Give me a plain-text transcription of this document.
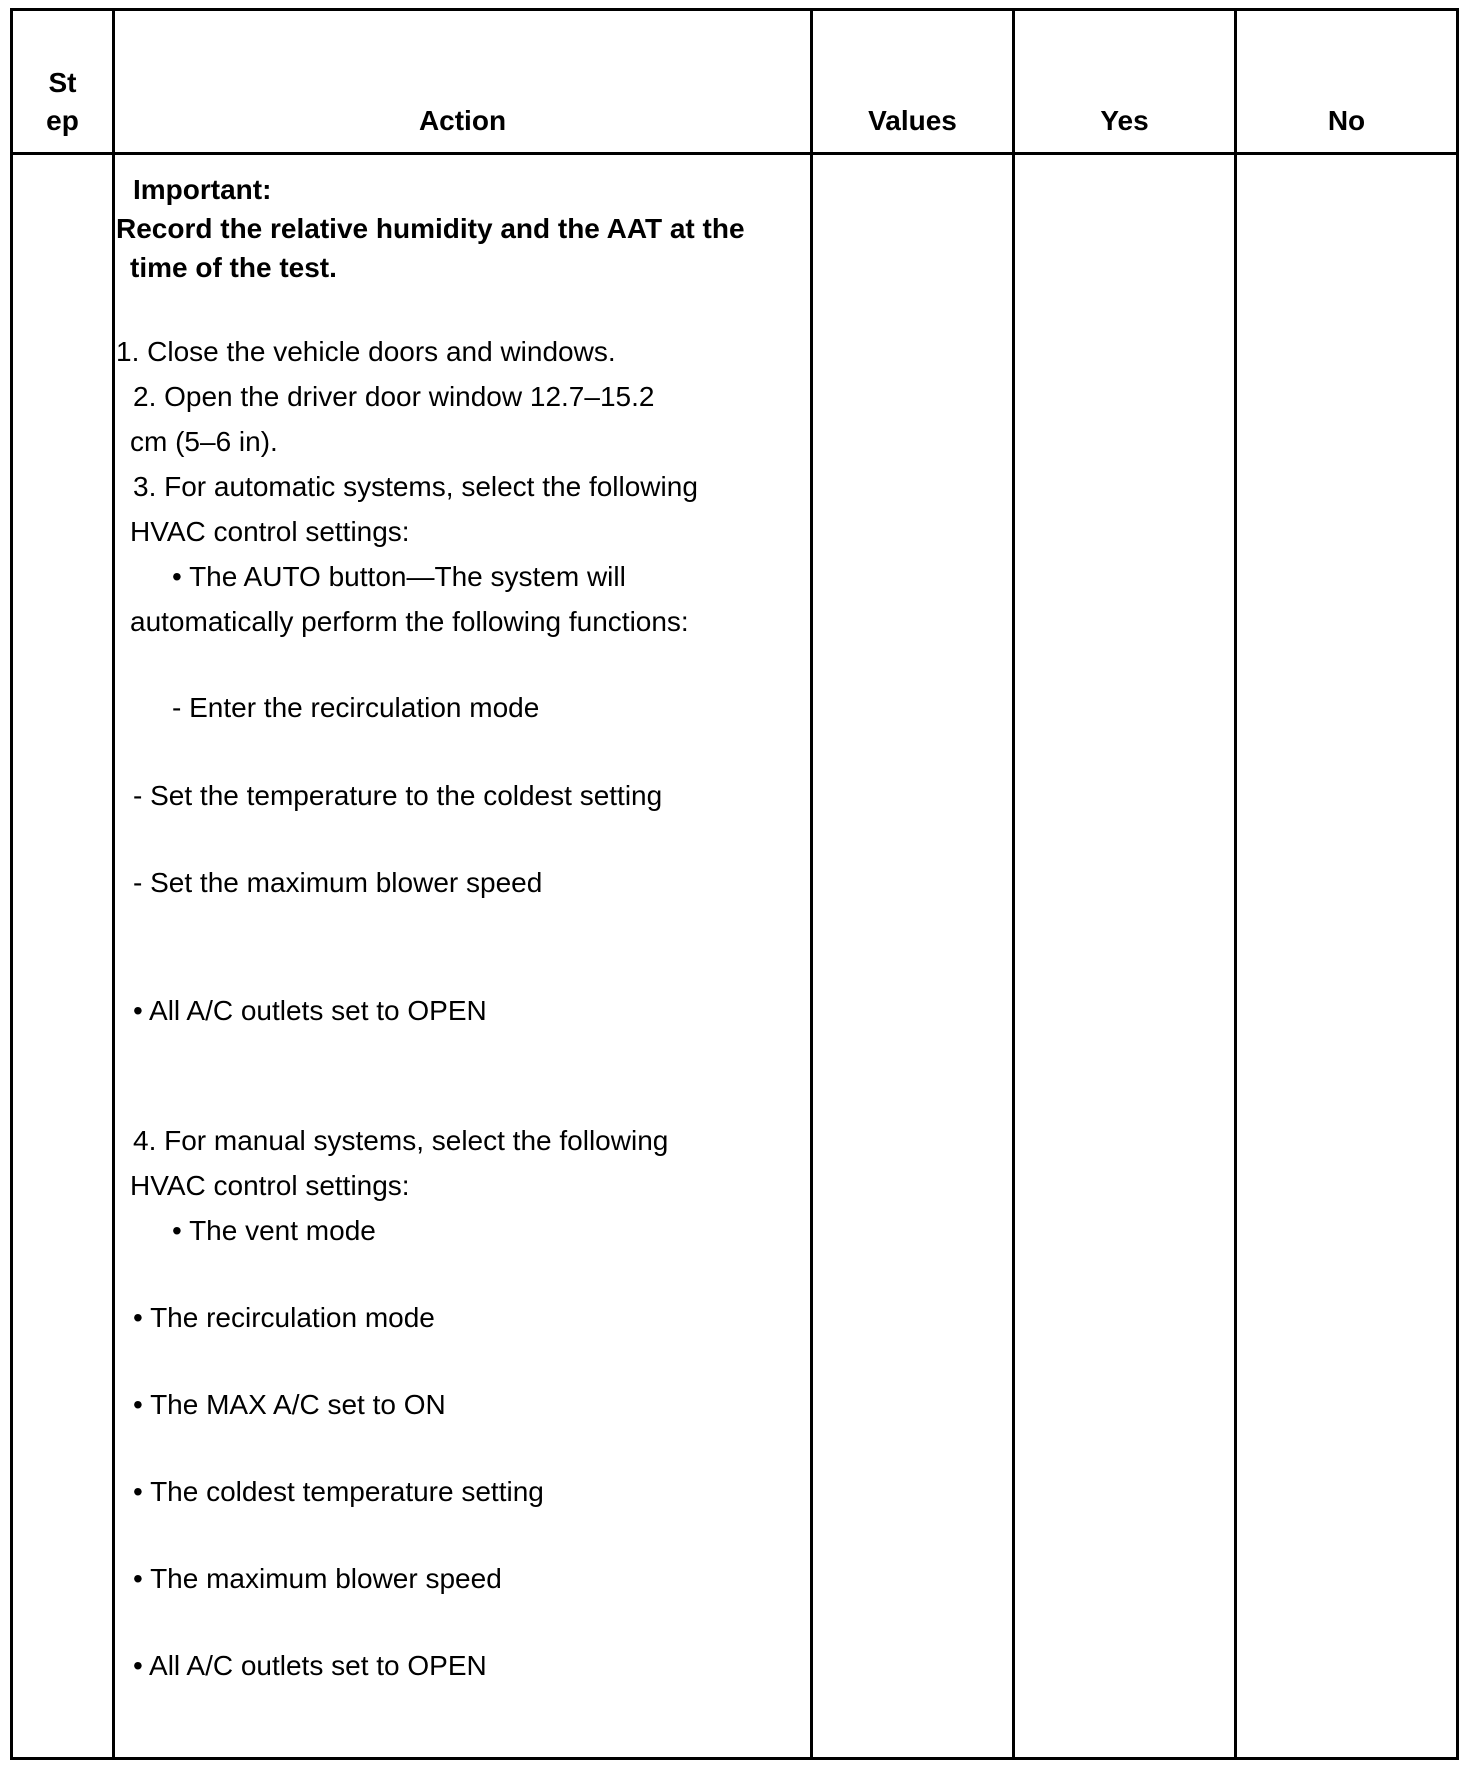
St
ep	Action	Values	Yes	No
Important:
Record the relative humidity and the AAT at the
time of the test.
1. Close the vehicle doors and windows.
2. Open the driver door window 12.7–15.2
cm (5–6 in).
3. For automatic systems, select the following
HVAC control settings:
• The AUTO button—The system will
automatically perform the following functions:
- Enter the recirculation mode
- Set the temperature to the coldest setting
- Set the maximum blower speed
• All A/C outlets set to OPEN
4. For manual systems, select the following
HVAC control settings:
• The vent mode
• The recirculation mode
• The MAX A/C set to ON
• The coldest temperature setting
• The maximum blower speed
• All A/C outlets set to OPEN
